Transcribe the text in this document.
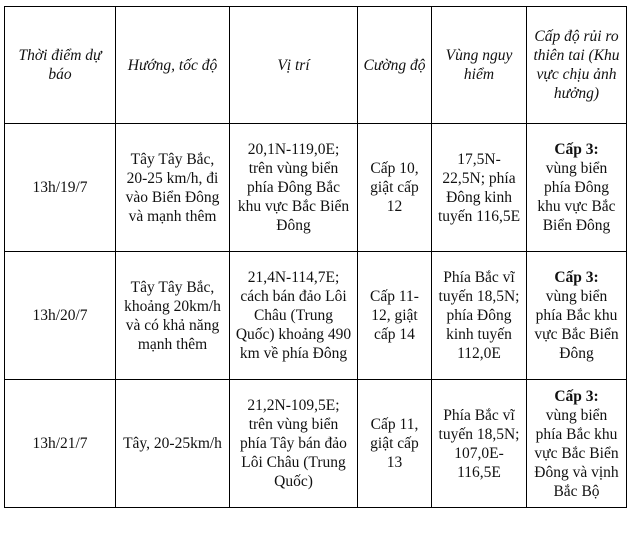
Thời điểm dự báo	Hướng, tốc độ	Vị trí	Cường độ	Vùng nguy hiểm	Cấp độ rủi ro thiên tai (Khu vực chịu ảnh hưởng)
13h/19/7	Tây Tây Bắc, 20-25 km/h, đi vào Biển Đông và mạnh thêm	20,1N-119,0E; trên vùng biển phía Đông Bắc khu vực Bắc Biển Đông	Cấp 10, giật cấp 12	17,5N-22,5N; phía Đông kinh tuyến 116,5E	Cấp 3:
vùng biển phía Đông khu vực Bắc Biển Đông
13h/20/7	Tây Tây Bắc, khoảng 20km/h và có khả năng mạnh thêm	21,4N-114,7E; cách bán đảo Lôi Châu (Trung Quốc) khoảng 490 km về phía Đông	Cấp 11-12, giật cấp 14	Phía Bắc vĩ tuyến 18,5N; phía Đông kinh tuyến 112,0E	Cấp 3:
vùng biển phía Bắc khu vực Bắc Biển Đông
13h/21/7	Tây, 20-25km/h	21,2N-109,5E; trên vùng biển phía Tây bán đảo Lôi Châu (Trung Quốc)	Cấp 11, giật cấp 13	Phía Bắc vĩ tuyến 18,5N; 107,0E-116,5E	Cấp 3:
vùng biển phía Bắc khu vực Bắc Biển Đông và vịnh Bắc Bộ
